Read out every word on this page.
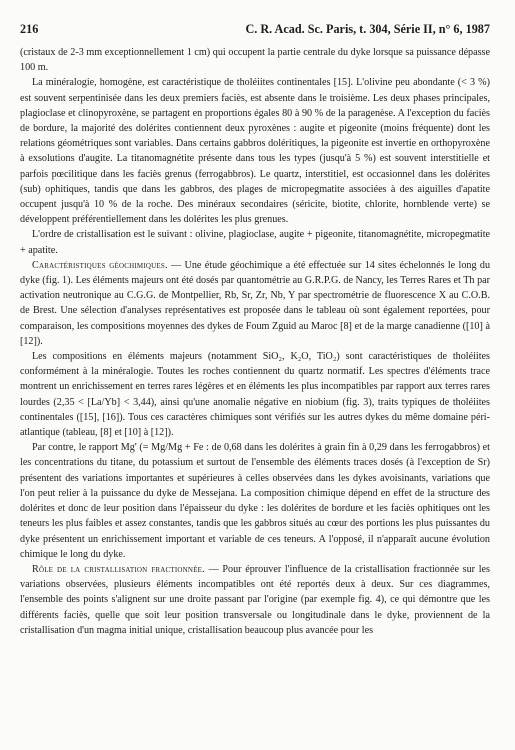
216	C. R. Acad. Sc. Paris, t. 304, Série II, n° 6, 1987

(cristaux de 2-3 mm exceptionnellement 1 cm) qui occupent la partie centrale du dyke lorsque sa puissance dépasse 100 m.

La minéralogie, homogène, est caractéristique de tholéiites continentales [15]. L'olivine peu abondante (< 3 %) est souvent serpentinisée dans les deux premiers faciès, est absente dans le troisième. Les deux phases principales, plagioclase et clinopyroxène, se partagent en proportions égales 80 à 90 % de la paragenèse. A l'exception du faciès de bordure, la majorité des dolérites contiennent deux pyroxènes : augite et pigeonite (moins fréquente) dont les relations géométriques sont variables. Dans certains gabbros doléritiques, la pigeonite est invertie en orthopyroxène à exsolutions d'augite. La titanomagnétite présente dans tous les types (jusqu'à 5 %) est souvent interstitielle et parfois pœcilitique dans les faciès grenus (ferrogabbros). Le quartz, interstitiel, est occasionnel dans les dolérites (sub) ophitiques, tandis que dans les gabbros, des plages de micropegmatite associées à des aiguilles d'apatite occupent jusqu'à 10 % de la roche. Des minéraux secondaires (séricite, biotite, chlorite, hornblende verte) se développent préférentiellement dans les dolérites les plus grenues.

L'ordre de cristallisation est le suivant : olivine, plagioclase, augite + pigeonite, titanomagnétite, micropegmatite + apatite.

Caractéristiques géochimiques. — Une étude géochimique a été effectuée sur 14 sites échelonnés le long du dyke (fig. 1). Les éléments majeurs ont été dosés par quantométrie au G.R.P.G. de Nancy, les Terres Rares et Th par activation neutronique au C.G.G. de Montpellier, Rb, Sr, Zr, Nb, Y par spectrométrie de fluorescence X au C.O.B. de Brest. Une sélection d'analyses représentatives est proposée dans le tableau où sont également reportées, pour comparaison, les compositions moyennes des dykes de Foum Zguid au Maroc [8] et de la marge canadienne ([10] à [12]).

Les compositions en éléments majeurs (notamment SiO₂, K₂O, TiO₂) sont caractéristiques de tholéiites conformément à la minéralogie. Toutes les roches contiennent du quartz normatif. Les spectres d'éléments trace montrent un enrichissement en terres rares légères et en éléments les plus incompatibles par rapport aux terres rares lourdes (2,35 < [La/Yb] < 3,44), ainsi qu'une anomalie négative en niobium (fig. 3), traits typiques de tholéiites continentales ([15], [16]). Tous ces caractères chimiques sont vérifiés sur les autres dykes du même domaine péri-atlantique (tableau, [8] et [10] à [12]).

Par contre, le rapport Mg' (= Mg/Mg + Fe : de 0,68 dans les dolérites à grain fin à 0,29 dans les ferrogabbros) et les concentrations du titane, du potassium et surtout de l'ensemble des éléments traces dosés (à l'exception de Sr) présentent des variations importantes et supérieures à celles observées dans les dykes avoisinants, variations que l'on peut relier à la puissance du dyke de Messejana. La composition chimique dépend en effet de la structure des dolérites et donc de leur position dans l'épaisseur du dyke : les dolérites de bordure et les faciès ophitiques ont les teneurs les plus faibles et assez constantes, tandis que les gabbros situés au cœur des portions les plus puissantes du dyke présentent un enrichissement important et variable de ces teneurs. A l'opposé, il n'apparaît aucune évolution chimique le long du dyke.

Rôle de la cristallisation fractionnée. — Pour éprouver l'influence de la cristallisation fractionnée sur les variations observées, plusieurs éléments incompatibles ont été reportés deux à deux. Sur ces diagrammes, l'ensemble des points s'alignent sur une droite passant par l'origine (par exemple fig. 4), ce qui démontre que les différents faciès, quelle que soit leur position transversale ou longitudinale dans le dyke, proviennent de la cristallisation d'un magma initial unique, cristallisation beaucoup plus avancée pour les
